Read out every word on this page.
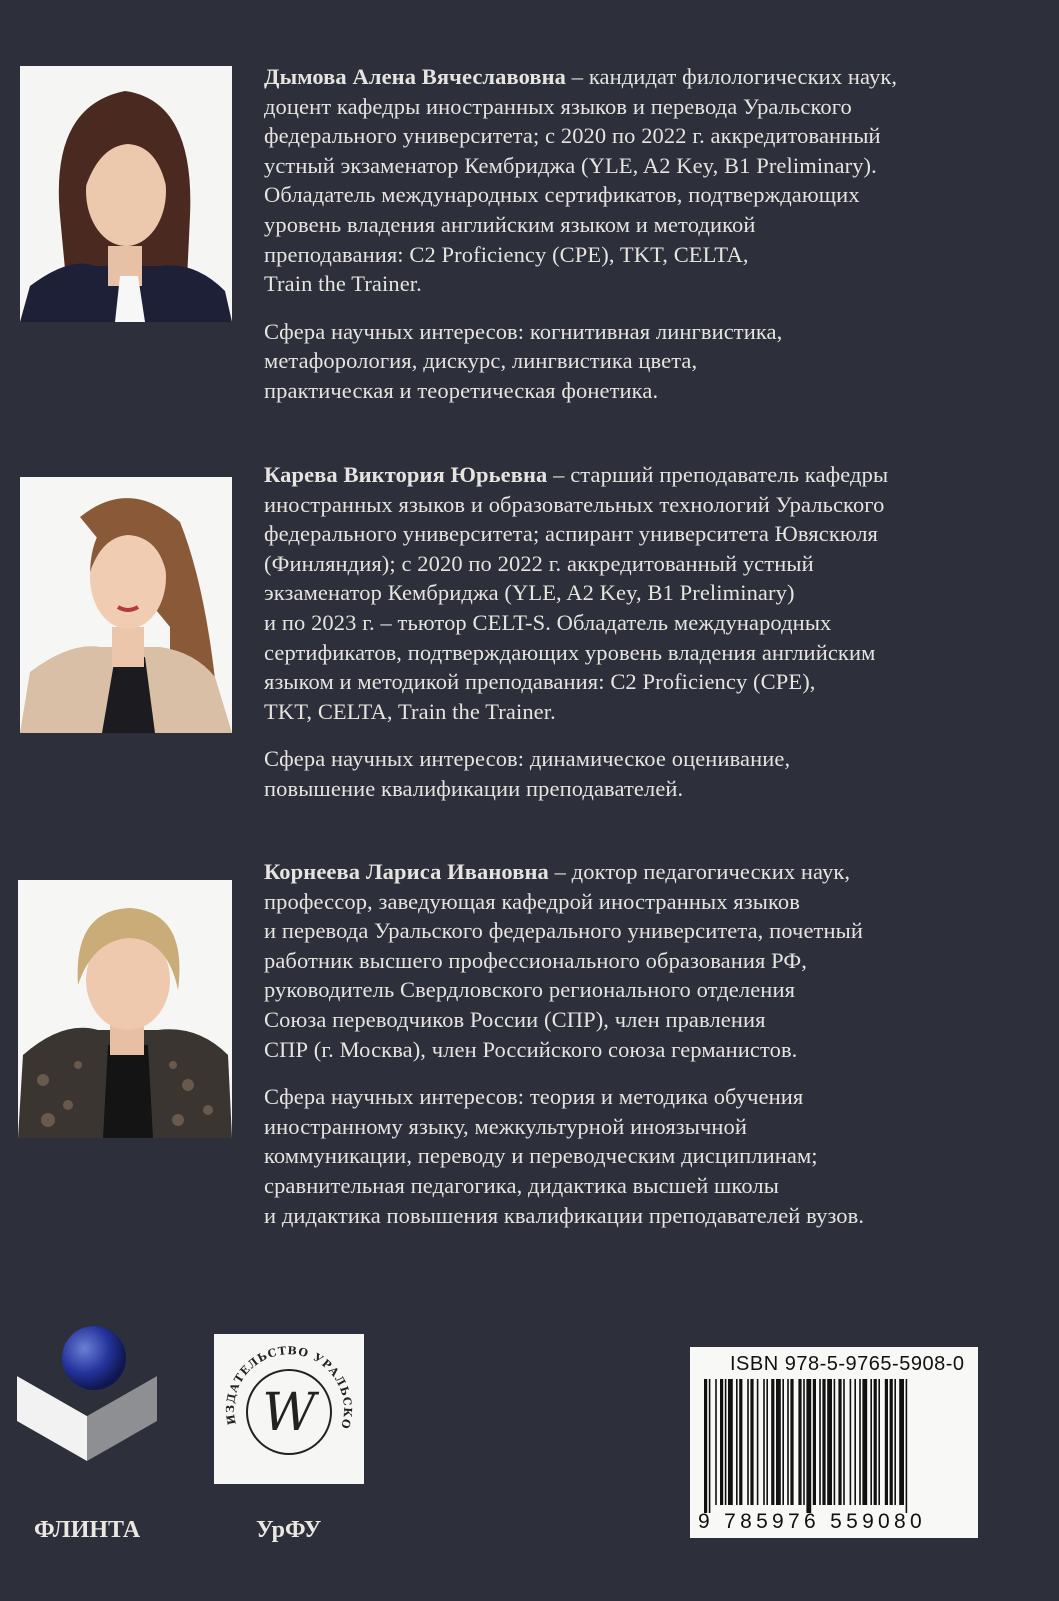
Дымова Алена Вячеславовна – кандидат филологических наук,
доцент кафедры иностранных языков и перевода Уральского
федерального университета; с 2020 по 2022 г. аккредитованный
устный экзаменатор Кембриджа (YLE, A2 Key, B1 Preliminary).
Обладатель международных сертификатов, подтверждающих
уровень владения английским языком и методикой
преподавания: C2 Proficiency (CPE), TKT, CELTA,
Train the Trainer.
Сфера научных интересов: когнитивная лингвистика,
метафорология, дискурс, лингвистика цвета,
практическая и теоретическая фонетика.
Карева Виктория Юрьевна – старший преподаватель кафедры
иностранных языков и образовательных технологий Уральского
федерального университета; аспирант университета Ювяскюля
(Финляндия); с 2020 по 2022 г. аккредитованный устный
экзаменатор Кембриджа (YLE, A2 Key, B1 Preliminary)
и по 2023 г. – тьютор CELT-S. Обладатель международных
сертификатов, подтверждающих уровень владения английским
языком и методикой преподавания: C2 Proficiency (CPE),
TKT, CELTA, Train the Trainer.
Сфера научных интересов: динамическое оценивание,
повышение квалификации преподавателей.
Корнеева Лариса Ивановна – доктор педагогических наук,
профессор, заведующая кафедрой иностранных языков
и перевода Уральского федерального университета, почетный
работник высшего профессионального образования РФ,
руководитель Свердловского регионального отделения
Союза переводчиков России (СПР), член правления
СПР (г. Москва), член Российского союза германистов.
Сфера научных интересов: теория и методика обучения
иностранному языку, межкультурной иноязычной
коммуникации, переводу и переводческим дисциплинам;
сравнительная педагогика, дидактика высшей школы
и дидактика повышения квалификации преподавателей вузов.
ФЛИНТА
ИЗДАТЕЛЬСТВО УРАЛЬСКО
W
УрФУ
ISBN 978-5-9765-5908-0
9 785976 559080
